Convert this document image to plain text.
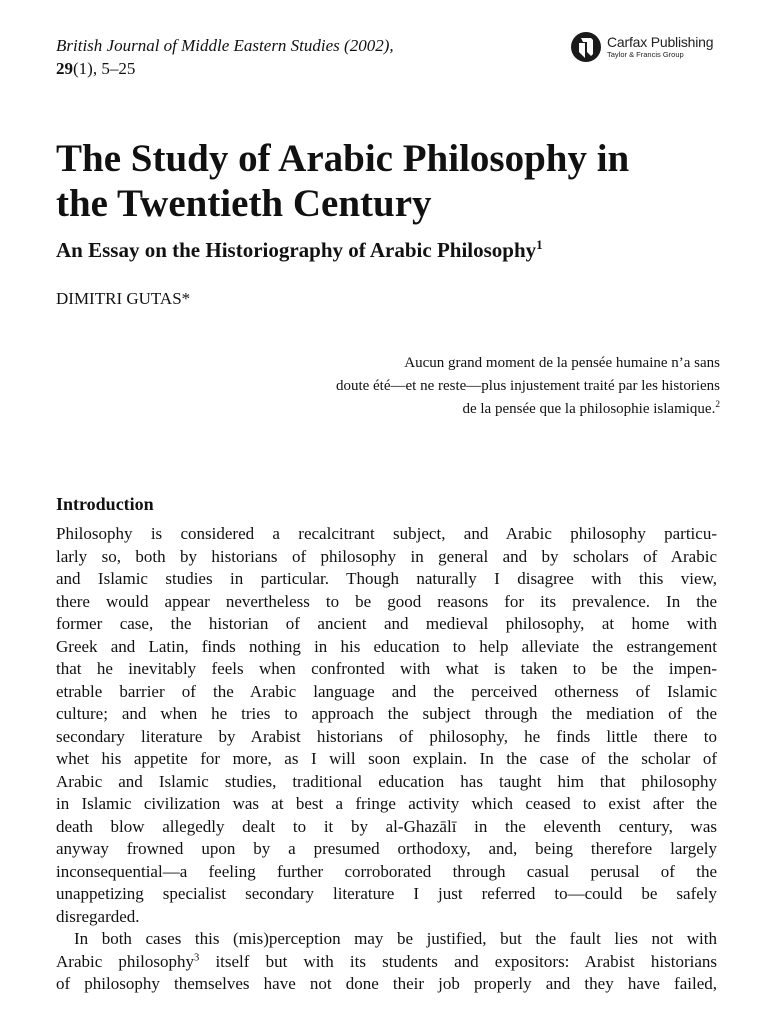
British Journal of Middle Eastern Studies (2002),
29(1), 5–25
Carfax Publishing
Taylor & Francis Group
The Study of Arabic Philosophy in
the Twentieth Century
An Essay on the Historiography of Arabic Philosophy$^1$
DIMITRI GUTAS*
Aucun grand moment de la pensée humaine n’a sans
doute été—et ne reste—plus injustement traité par les historiens
de la pensée que la philosophie islamique.$^2$
Introduction
Philosophy is considered a recalcitrant subject, and Arabic philosophy particu-
larly so, both by historians of philosophy in general and by scholars of Arabic
and Islamic studies in particular. Though naturally I disagree with this view,
there would appear nevertheless to be good reasons for its prevalence. In the
former case, the historian of ancient and medieval philosophy, at home with
Greek and Latin, finds nothing in his education to help alleviate the estrangement
that he inevitably feels when confronted with what is taken to be the impen-
etrable barrier of the Arabic language and the perceived otherness of Islamic
culture; and when he tries to approach the subject through the mediation of the
secondary literature by Arabist historians of philosophy, he finds little there to
whet his appetite for more, as I will soon explain. In the case of the scholar of
Arabic and Islamic studies, traditional education has taught him that philosophy
in Islamic civilization was at best a fringe activity which ceased to exist after the
death blow allegedly dealt to it by al-Ghazālī in the eleventh century, was
anyway frowned upon by a presumed orthodoxy, and, being therefore largely
inconsequential—a feeling further corroborated through casual perusal of the
unappetizing specialist secondary literature I just referred to—could be safely
disregarded.
In both cases this (mis)perception may be justified, but the fault lies not with
Arabic philosophy$^3$ itself but with its students and expositors: Arabist historians
of philosophy themselves have not done their job properly and they have failed,
